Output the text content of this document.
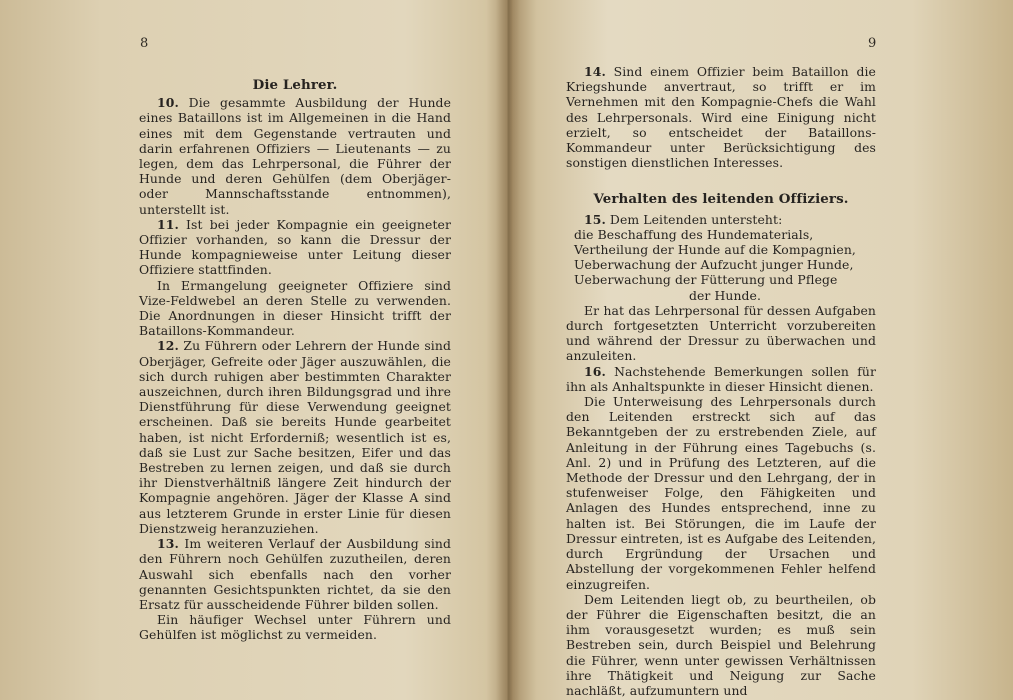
8

Die Lehrer.

10. Die gesammte Ausbildung der Hunde eines Bataillons ist im Allgemeinen in die Hand eines mit dem Gegenstande vertrauten und darin erfahrenen Offiziers — Lieutenants — zu legen, dem das Lehrpersonal, die Führer der Hunde und deren Gehülfen (dem Oberjäger- oder Mannschaftsstande entnommen), unterstellt ist.

11. Ist bei jeder Kompagnie ein geeigneter Offizier vorhanden, so kann die Dressur der Hunde kompagnieweise unter Leitung dieser Offiziere stattfinden.

In Ermangelung geeigneter Offiziere sind Vize-Feldwebel an deren Stelle zu verwenden. Die Anordnungen in dieser Hinsicht trifft der Bataillons-Kommandeur.

12. Zu Führern oder Lehrern der Hunde sind Oberjäger, Gefreite oder Jäger auszuwählen, die sich durch ruhigen aber bestimmten Charakter auszeichnen, durch ihren Bildungsgrad und ihre Dienstführung für diese Verwendung geeignet erscheinen. Daß sie bereits Hunde gearbeitet haben, ist nicht Erforderniß; wesentlich ist es, daß sie Lust zur Sache besitzen, Eifer und das Bestreben zu lernen zeigen, und daß sie durch ihr Dienstverhältniß längere Zeit hindurch der Kompagnie angehören. Jäger der Klasse A sind aus letzterem Grunde in erster Linie für diesen Dienstzweig heranzuziehen.

13. Im weiteren Verlauf der Ausbildung sind den Führern noch Gehülfen zuzutheilen, deren Auswahl sich ebenfalls nach den vorher genannten Gesichtspunkten richtet, da sie den Ersatz für ausscheidende Führer bilden sollen.

Ein häufiger Wechsel unter Führern und Gehülfen ist möglichst zu vermeiden.

9

14. Sind einem Offizier beim Bataillon die Kriegshunde anvertraut, so trifft er im Vernehmen mit den Kompagnie-Chefs die Wahl des Lehrpersonals. Wird eine Einigung nicht erzielt, so entscheidet der Bataillons-Kommandeur unter Berücksichtigung des sonstigen dienstlichen Interesses.

Verhalten des leitenden Offiziers.

15. Dem Leitenden untersteht:

die Beschaffung des Hundematerials,
Vertheilung der Hunde auf die Kompagnien,
Ueberwachung der Aufzucht junger Hunde,
Ueberwachung der Fütterung und Pflege
der Hunde.

Er hat das Lehrpersonal für dessen Aufgaben durch fortgesetzten Unterricht vorzubereiten und während der Dressur zu überwachen und anzuleiten.

16. Nachstehende Bemerkungen sollen für ihn als Anhaltspunkte in dieser Hinsicht dienen.

Die Unterweisung des Lehrpersonals durch den Leitenden erstreckt sich auf das Bekanntgeben der zu erstrebenden Ziele, auf Anleitung in der Führung eines Tagebuchs (s. Anl. 2) und in Prüfung des Letzteren, auf die Methode der Dressur und den Lehrgang, der in stufenweiser Folge, den Fähigkeiten und Anlagen des Hundes entsprechend, inne zu halten ist. Bei Störungen, die im Laufe der Dressur eintreten, ist es Aufgabe des Leitenden, durch Ergründung der Ursachen und Abstellung der vorgekommenen Fehler helfend einzugreifen.

Dem Leitenden liegt ob, zu beurtheilen, ob der Führer die Eigenschaften besitzt, die an ihm vorausgesetzt wurden; es muß sein Bestreben sein, durch Beispiel und Belehrung die Führer, wenn unter gewissen Verhältnissen ihre Thätigkeit und Neigung zur Sache nachläßt, aufzumuntern und
